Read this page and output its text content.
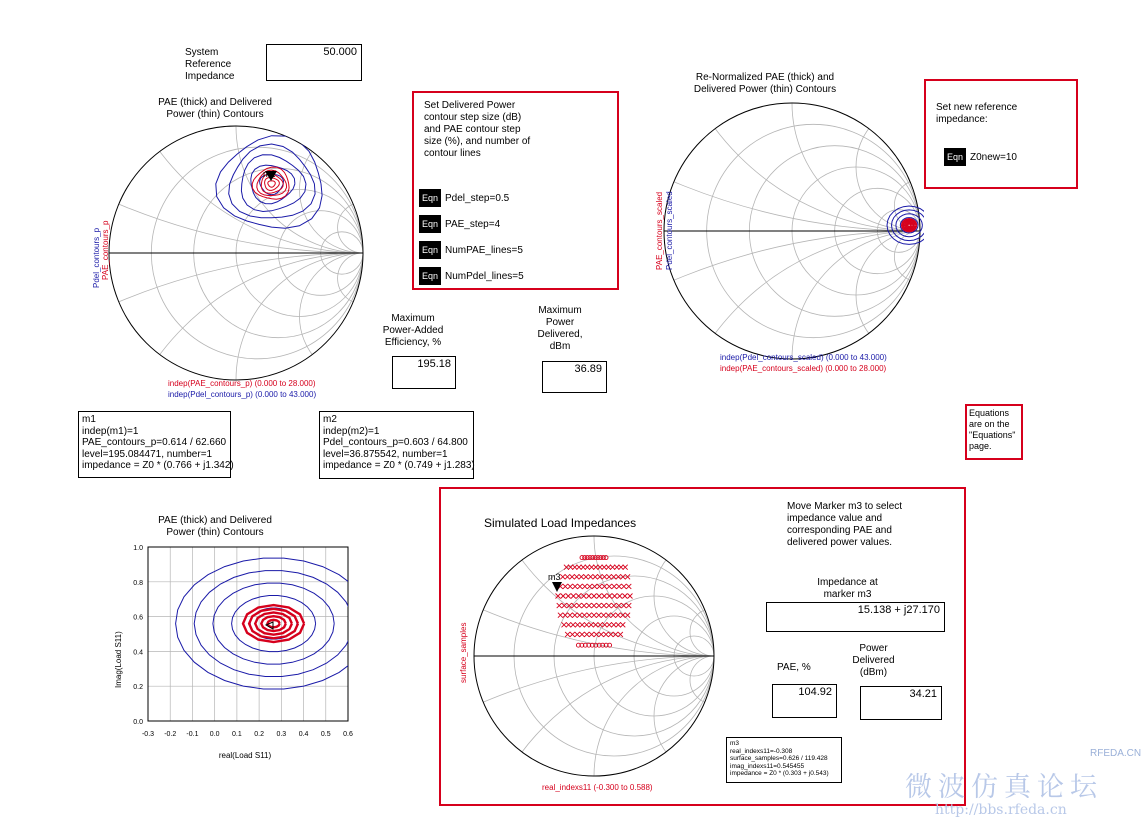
System
Reference
Impedance
50.000
PAE (thick) and Delivered
Power (thin) Contours
m1
Pdel_contours_p PAE_contours_p
indep(PAE_contours_p) (0.000 to 28.000)
indep(Pdel_contours_p) (0.000 to 43.000)
Set Delivered Power
contour step size (dB)
and PAE contour step
size (%), and number of
contour lines
Eqn Pdel_step=0.5
Eqn PAE_step=4
Eqn NumPAE_lines=5
Eqn NumPdel_lines=5
Re-Normalized PAE (thick) and
Delivered Power (thin) Contours
PAE_contours_scaled Pdel_contours_scaled
indep(Pdel_contours_scaled) (0.000 to 43.000)
indep(PAE_contours_scaled) (0.000 to 28.000)
Set new reference
impedance:
Eqn Z0new=10
Maximum
Power-Added
Efficiency, %
195.18
Maximum
Power
Delivered,
dBm
36.89
m1
indep(m1)=1
PAE_contours_p=0.614 / 62.660
level=195.084471, number=1
impedance = Z0 * (0.766 + j1.342)
m2
indep(m2)=1
Pdel_contours_p=0.603 / 64.800
level=36.875542, number=1
impedance = Z0 * (0.749 + j1.283)
Equations
are on the
"Equations"
page.
PAE (thick) and Delivered
Power (thin) Contours
-0.3 -0.2 -0.1 0.0 0.1 0.2 0.3 0.4 0.5 0.6
1.0
0.8
0.6
0.4
0.2
0.0
real(Load S11)
Imag(Load S11)
Simulated Load Impedances
m3
surface_samples
real_indexs11 (-0.300 to 0.588)
Move Marker m3 to select
impedance value and
corresponding PAE and
delivered power values.
Impedance at
marker m3
15.138 + j27.170
PAE, %
104.92
Power
Delivered
(dBm)
34.21
m3
real_indexs11=-0.308
surface_samples=0.626 / 119.428
imag_indexs11=0.545455
impedance = Z0 * (0.303 + j0.543)
RFEDA.CN
微波仿真论坛
http://bbs.rfeda.cn
